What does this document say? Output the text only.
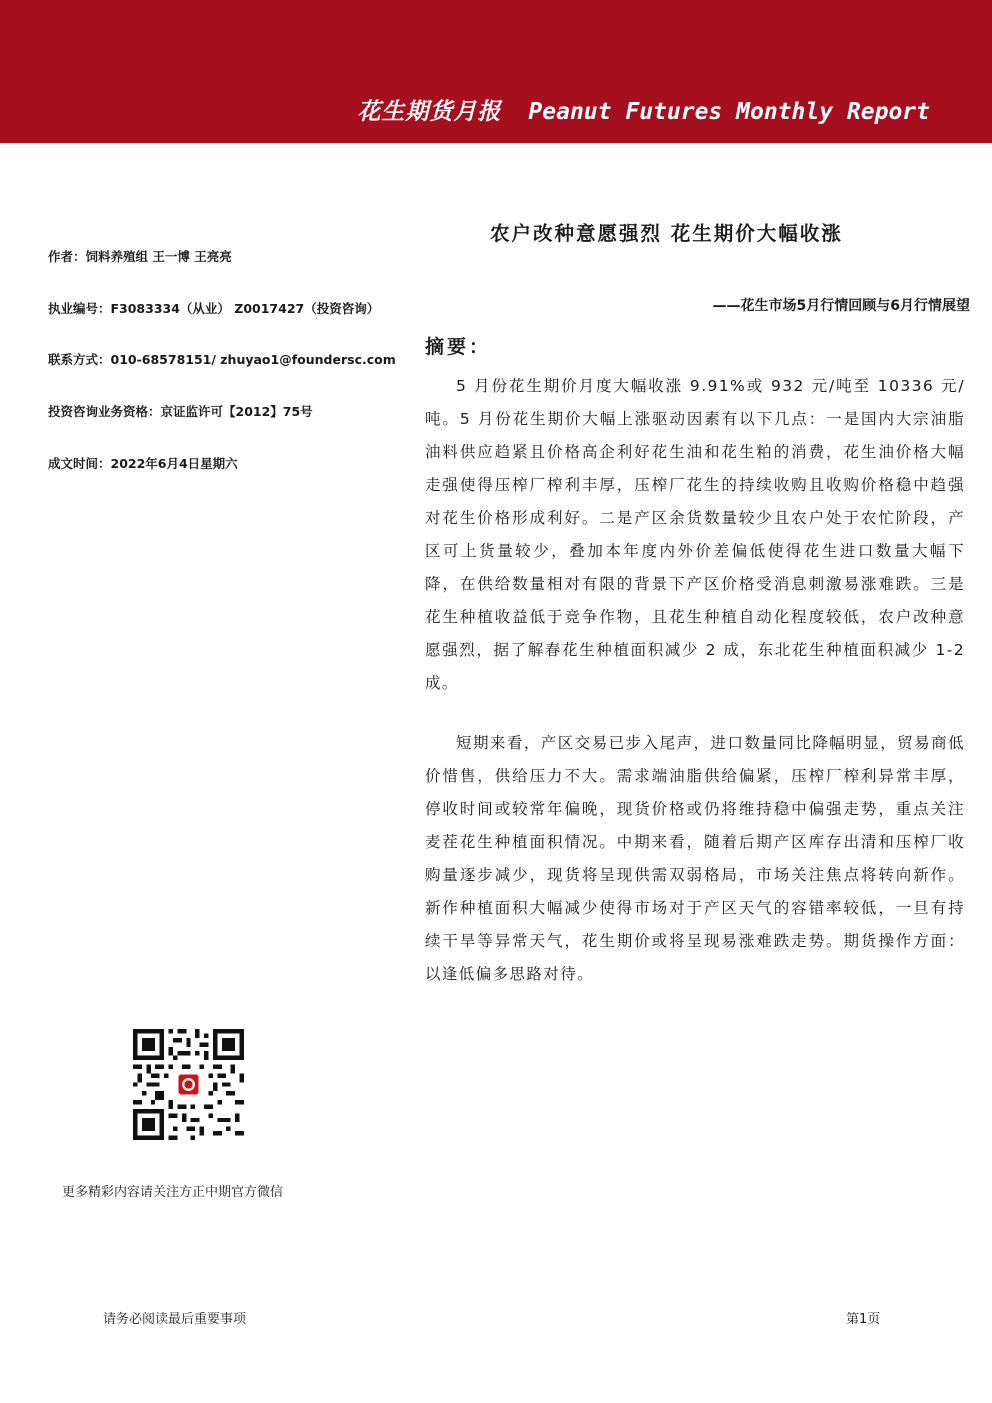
花生期货月报 Peanut Futures Monthly Report
作者：饲料养殖组 王一博 王亮亮
执业编号：F3083334（从业） Z0017427（投资咨询）
联系方式：010-68578151/ zhuyao1@foundersc.com
投资咨询业务资格：京证监许可【2012】75号
成文时间：2022年6月4日星期六
农户改种意愿强烈 花生期价大幅收涨
——花生市场5月行情回顾与6月行情展望
摘要：

5 月份花生期价月度大幅收涨 9.91%或 932 元/吨至 10336 元/吨。5 月份花生期价大幅上涨驱动因素有以下几点：一是国内大宗油脂油料供应趋紧且价格高企利好花生油和花生粕的消费，花生油价格大幅走强使得压榨厂榨利丰厚，压榨厂花生的持续收购且收购价格稳中趋强对花生价格形成利好。二是产区余货数量较少且农户处于农忙阶段，产区可上货量较少，叠加本年度内外价差偏低使得花生进口数量大幅下降，在供给数量相对有限的背景下产区价格受消息刺激易涨难跌。三是花生种植收益低于竞争作物，且花生种植自动化程度较低，农户改种意愿强烈，据了解春花生种植面积减少 2 成，东北花生种植面积减少 1-2 成。

短期来看，产区交易已步入尾声，进口数量同比降幅明显，贸易商低价惜售，供给压力不大。需求端油脂供给偏紧，压榨厂榨利异常丰厚，停收时间或较常年偏晚，现货价格或仍将维持稳中偏强走势，重点关注麦茬花生种植面积情况。中期来看，随着后期产区库存出清和压榨厂收购量逐步减少，现货将呈现供需双弱格局，市场关注焦点将转向新作。新作种植面积大幅减少使得市场对于产区天气的容错率较低，一旦有持续干旱等异常天气，花生期价或将呈现易涨难跌走势。期货操作方面：以逢低偏多思路对待。

更多精彩内容请关注方正中期官方微信
请务必阅读最后重要事项	第1页
